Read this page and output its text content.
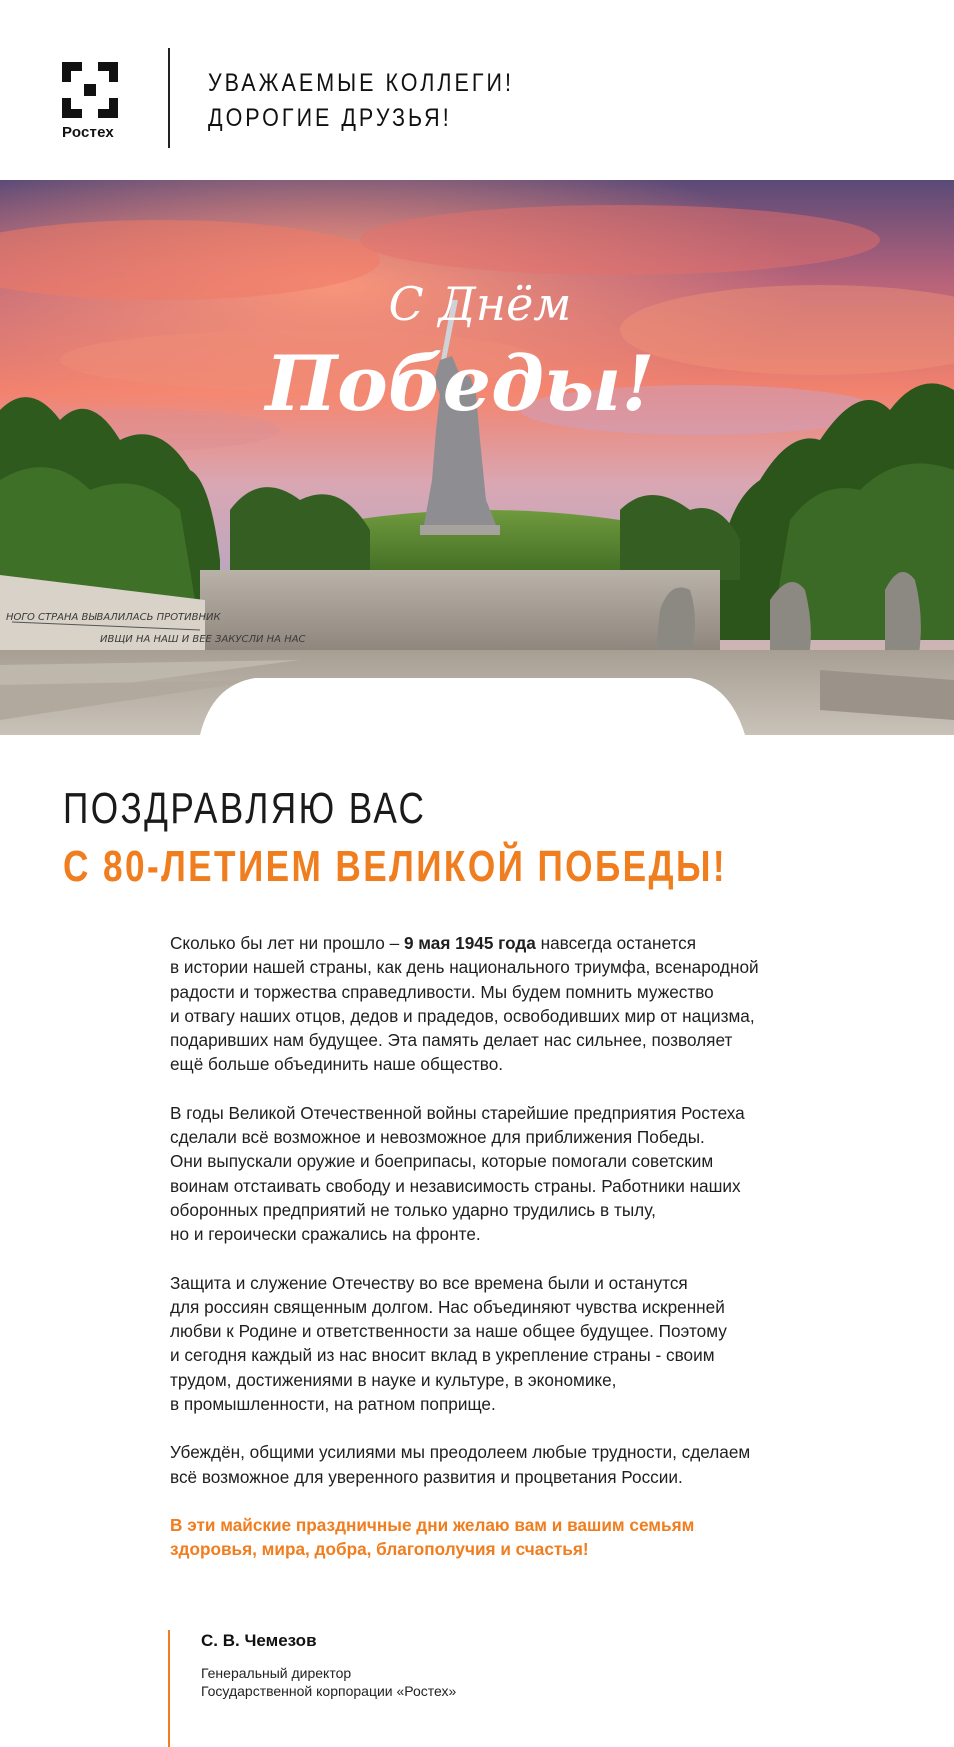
Ростех
УВАЖАЕМЫЕ КОЛЛЕГИ!
ДОРОГИЕ ДРУЗЬЯ!
НОГО СТРАНА ВЫВАЛИЛАСЬ ПРОТИВНИК
ИВЩИ НА НАШ И ВЕЕ ЗАКУСЛИ НА НАС
С Днём
Победы!
ПОЗДРАВЛЯЮ ВАС
С 80-ЛЕТИЕМ ВЕЛИКОЙ ПОБЕДЫ!

Сколько бы лет ни прошло – 9 мая 1945 года навсегда останется
в истории нашей страны, как день национального триумфа, всенародной
радости и торжества справедливости. Мы будем помнить мужество
и отвагу наших отцов, дедов и прадедов, освободивших мир от нацизма,
подаривших нам будущее. Эта память делает нас сильнее, позволяет
ещё больше объединить наше общество.

В годы Великой Отечественной войны старейшие предприятия Ростеха
сделали всё возможное и невозможное для приближения Победы.
Они выпускали оружие и боеприпасы, которые помогали советским
воинам отстаивать свободу и независимость страны. Работники наших
оборонных предприятий не только ударно трудились в тылу,
но и героически сражались на фронте.

Защита и служение Отечеству во все времена были и останутся
для россиян священным долгом. Нас объединяют чувства искренней
любви к Родине и ответственности за наше общее будущее. Поэтому
и сегодня каждый из нас вносит вклад в укрепление страны - своим
трудом, достижениями в науке и культуре, в экономике,
в промышленности, на ратном поприще.

Убеждён, общими усилиями мы преодолеем любые трудности, сделаем
всё возможное для уверенного развития и процветания России.

В эти майские праздничные дни желаю вам и вашим семьям
здоровья, мира, добра, благополучия и счастья!

С. В. Чемезов
Генеральный директор
Государственной корпорации «Ростех»
